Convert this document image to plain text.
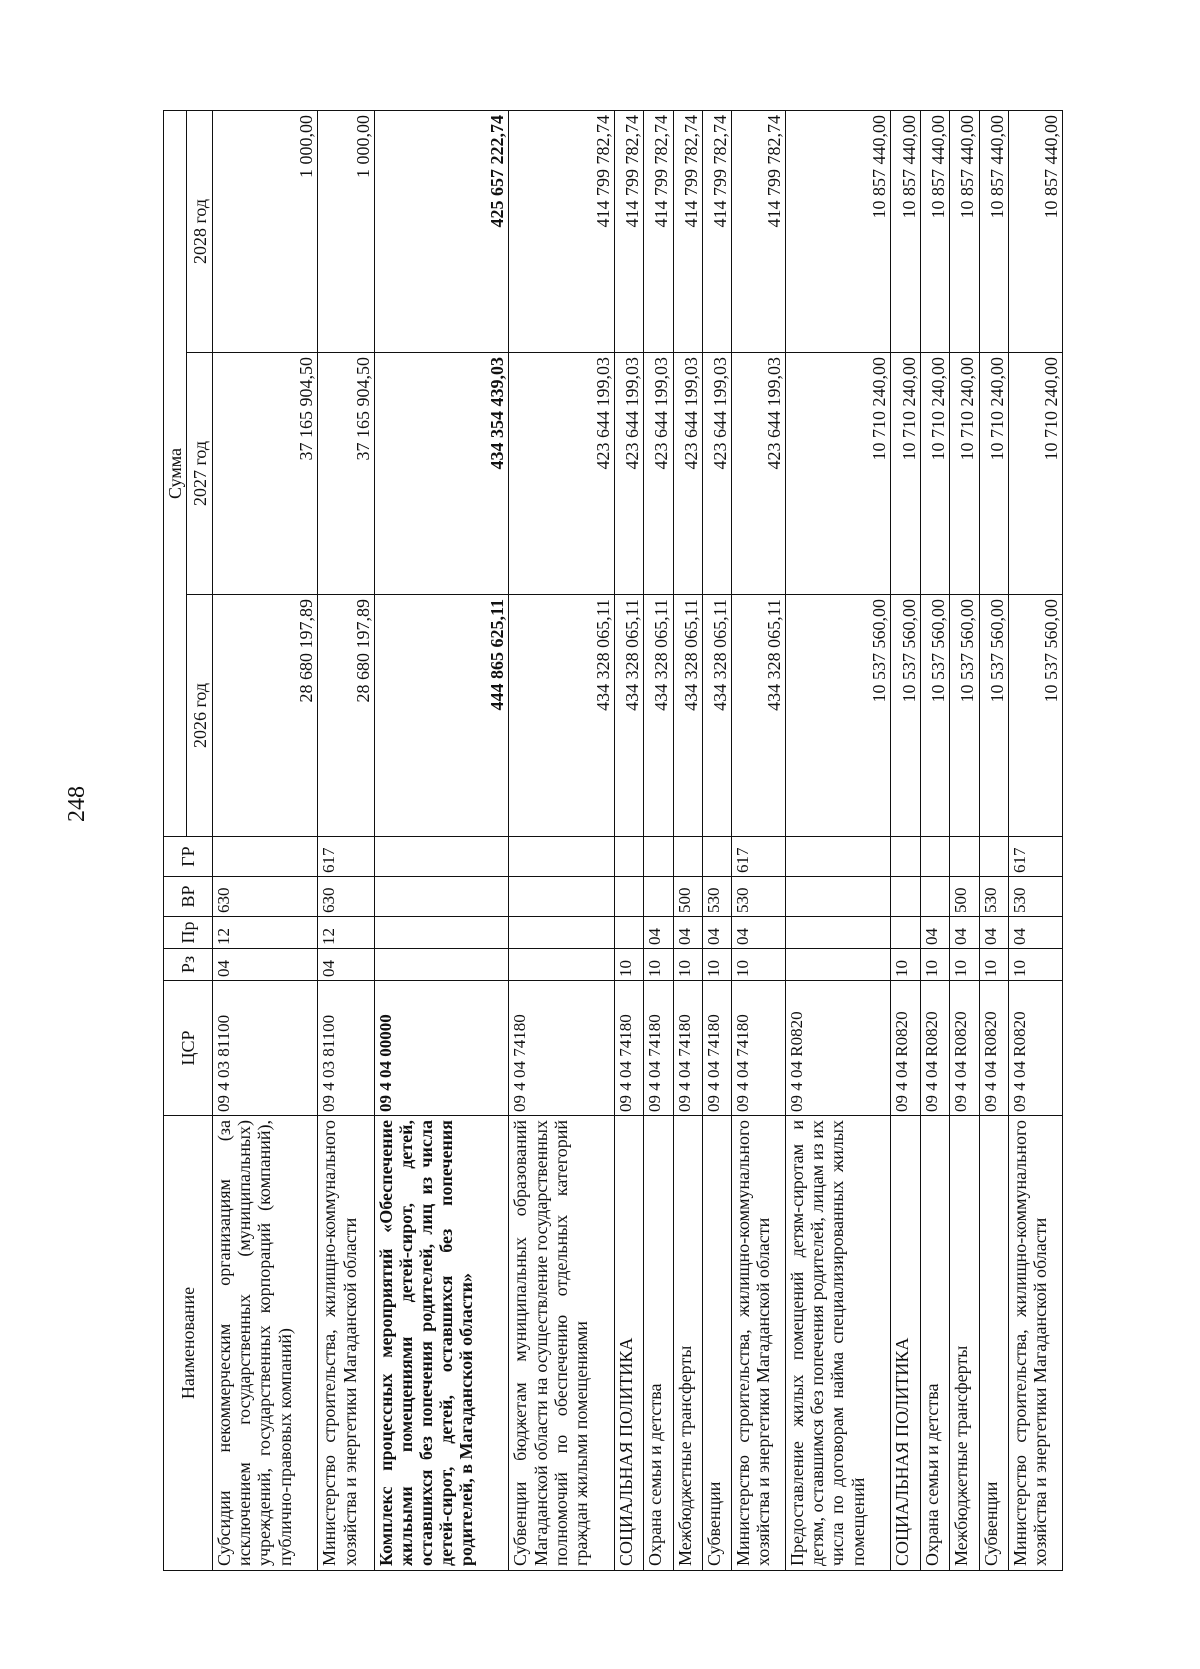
248
Наименование	ЦСР	Рз	Пр	ВР	ГР	Сумма		
						2026 год	2027 год	2028 год
Субсидии некоммерческим организациям (за исключением государственных (муниципальных) учреждений, государственных корпораций (компаний), публично-правовых компаний)	09 4 03 81100	04	12	630		28 680 197,89	37 165 904,50	1 000,00
Министерство строительства, жилищно-коммунального хозяйства и энергетики Магаданской области	09 4 03 81100	04	12	630	617	28 680 197,89	37 165 904,50	1 000,00
Комплекс процессных мероприятий «Обеспечение жильыми помещениями детей-сирот, детей, оставшихся без попечения родителей, лиц из числа детей-сирот, детей, оставшихся без попечения родителей, в Магаданской области»	09 4 04 00000					444 865 625,11	434 354 439,03	425 657 222,74
Субвенции бюджетам муниципальных образований Магаданской области на осуществление государственных полномочий по обеспечению отдельных категорий граждан жилыми помещениями	09 4 04 74180					434 328 065,11	423 644 199,03	414 799 782,74
СОЦИАЛЬНАЯ ПОЛИТИКА	09 4 04 74180	10				434 328 065,11	423 644 199,03	414 799 782,74
Охрана семьи и детства	09 4 04 74180	10	04			434 328 065,11	423 644 199,03	414 799 782,74
Межбюджетные трансферты	09 4 04 74180	10	04	500		434 328 065,11	423 644 199,03	414 799 782,74
Субвенции	09 4 04 74180	10	04	530		434 328 065,11	423 644 199,03	414 799 782,74
Министерство строительства, жилищно-коммунального хозяйства и энергетики Магаданской области	09 4 04 74180	10	04	530	617	434 328 065,11	423 644 199,03	414 799 782,74
Предоставление жилых помещений детям-сиротам и детям, оставшимся без попечения родителей, лицам из их числа по договорам найма специализированных жилых помещений	09 4 04 R0820					10 537 560,00	10 710 240,00	10 857 440,00
СОЦИАЛЬНАЯ ПОЛИТИКА	09 4 04 R0820	10				10 537 560,00	10 710 240,00	10 857 440,00
Охрана семьи и детства	09 4 04 R0820	10	04			10 537 560,00	10 710 240,00	10 857 440,00
Межбюджетные трансферты	09 4 04 R0820	10	04	500		10 537 560,00	10 710 240,00	10 857 440,00
Субвенции	09 4 04 R0820	10	04	530		10 537 560,00	10 710 240,00	10 857 440,00
Министерство строительства, жилищно-коммунального хозяйства и энергетики Магаданской области	09 4 04 R0820	10	04	530	617	10 537 560,00	10 710 240,00	10 857 440,00
